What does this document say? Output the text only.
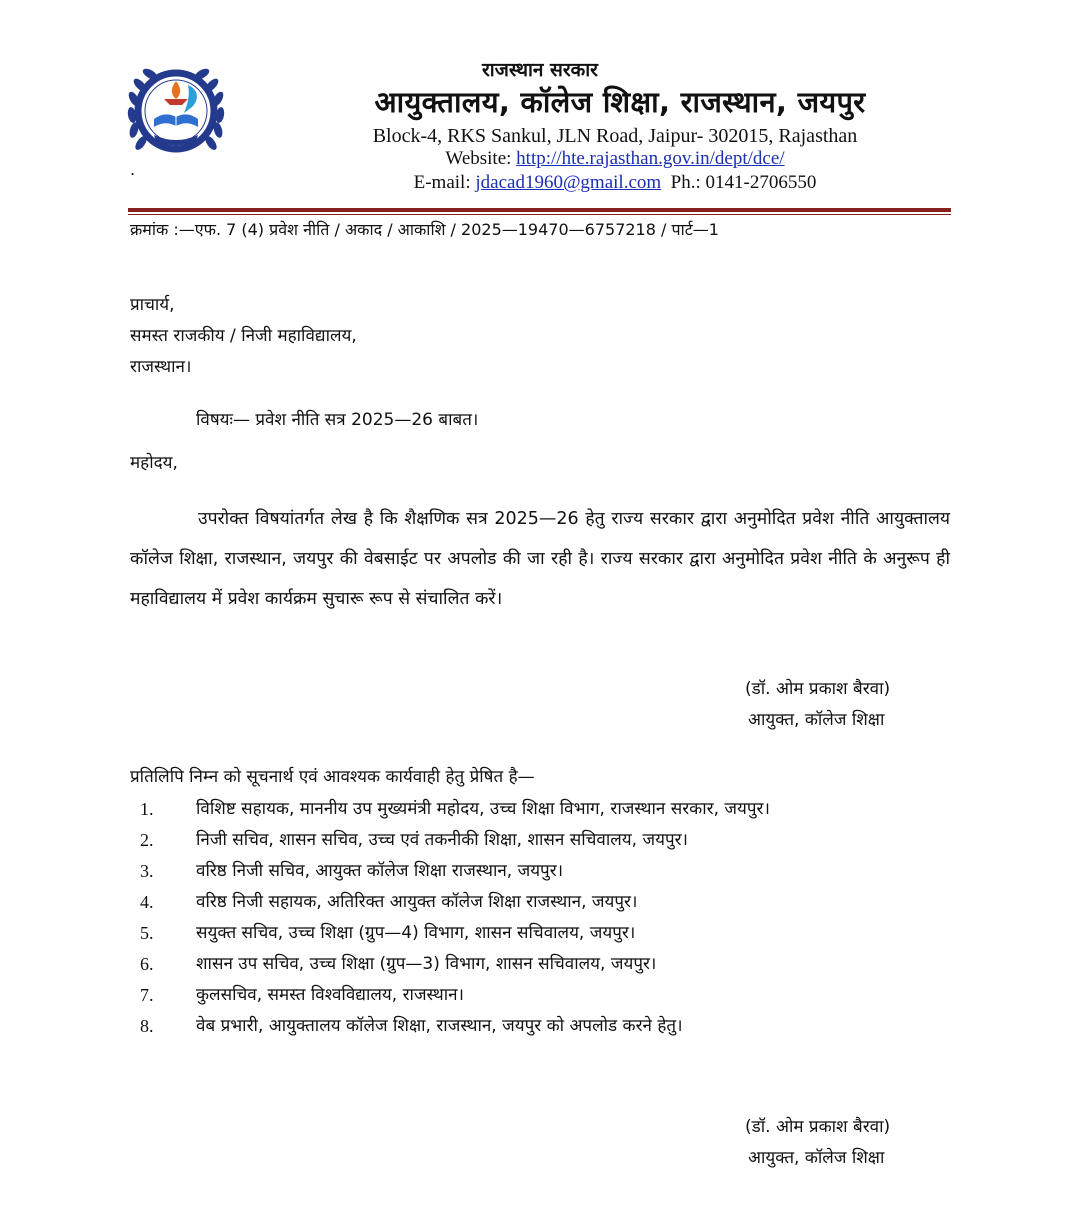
राजस्थान सरकार
आयुक्तालय, कॉलेज शिक्षा, राजस्थान, जयपुर
Block-4, RKS Sankul, JLN Road, Jaipur- 302015, Rajasthan
Website: http://hte.rajasthan.gov.in/dept/dce/
E-mail: jdacad1960@gmail.com Ph.: 0141-2706550
.
क्रमांक :—एफ. 7 (4) प्रवेश नीति / अकाद / आकाशि / 2025—19470—6757218 / पार्ट—1
प्राचार्य,
समस्त राजकीय / निजी महाविद्यालय,
राजस्थान।
विषयः— प्रवेश नीति सत्र 2025—26 बाबत।
महोदय,
उपरोक्त विषयांतर्गत लेख है कि शैक्षणिक सत्र 2025—26 हेतु राज्य सरकार द्वारा अनुमोदित प्रवेश नीति आयुक्तालय कॉलेज शिक्षा, राजस्थान, जयपुर की वेबसाईट पर अपलोड की जा रही है। राज्य सरकार द्वारा अनुमोदित प्रवेश नीति के अनुरूप ही महाविद्यालय में प्रवेश कार्यक्रम सुचारू रूप से संचालित करें।
(डॉ. ओम प्रकाश बैरवा)
आयुक्त, कॉलेज शिक्षा
प्रतिलिपि निम्न को सूचनार्थ एवं आवश्यक कार्यवाही हेतु प्रेषित है—
1.	विशिष्ट सहायक, माननीय उप मुख्यमंत्री महोदय, उच्च शिक्षा विभाग, राजस्थान सरकार, जयपुर।
2.	निजी सचिव, शासन सचिव, उच्च एवं तकनीकी शिक्षा, शासन सचिवालय, जयपुर।
3.	वरिष्ठ निजी सचिव, आयुक्त कॉलेज शिक्षा राजस्थान, जयपुर।
4.	वरिष्ठ निजी सहायक, अतिरिक्त आयुक्त कॉलेज शिक्षा राजस्थान, जयपुर।
5.	सयुक्त सचिव, उच्च शिक्षा (ग्रुप—4) विभाग, शासन सचिवालय, जयपुर।
6.	शासन उप सचिव, उच्च शिक्षा (ग्रुप—3) विभाग, शासन सचिवालय, जयपुर।
7.	कुलसचिव, समस्त विश्वविद्यालय, राजस्थान।
8.	वेब प्रभारी, आयुक्तालय कॉलेज शिक्षा, राजस्थान, जयपुर को अपलोड करने हेतु।
(डॉ. ओम प्रकाश बैरवा)
आयुक्त, कॉलेज शिक्षा
